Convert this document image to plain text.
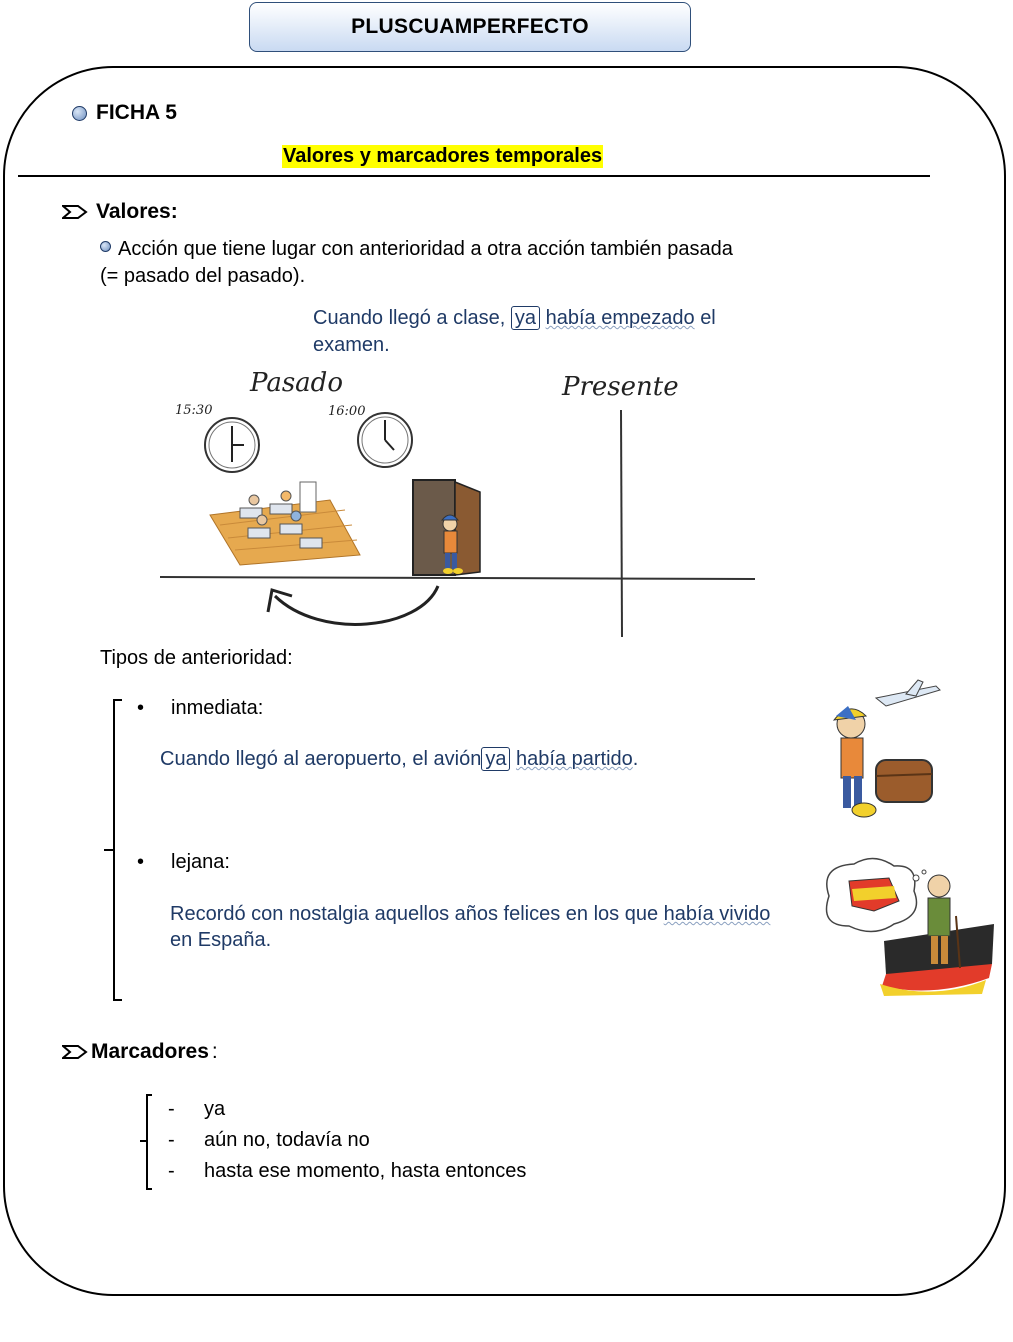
PLUSCUAMPERFECTO
FICHA 5
Valores y marcadores temporales
Valores:
Acción que tiene lugar con anterioridad a otra acción también pasada
(= pasado del pasado).
Cuando llegó a clase, ya había empezado el
examen.
Pasado	Presente
15:30	16:00
Tipos de anterioridad:
• inmediata:
Cuando llegó al aeropuerto, el avión ya había partido.
• lejana:
Recordó con nostalgia aquellos años felices en los que había vivido
en España.
Marcadores :
- ya
- aún no, todavía no
- hasta ese momento, hasta entonces
